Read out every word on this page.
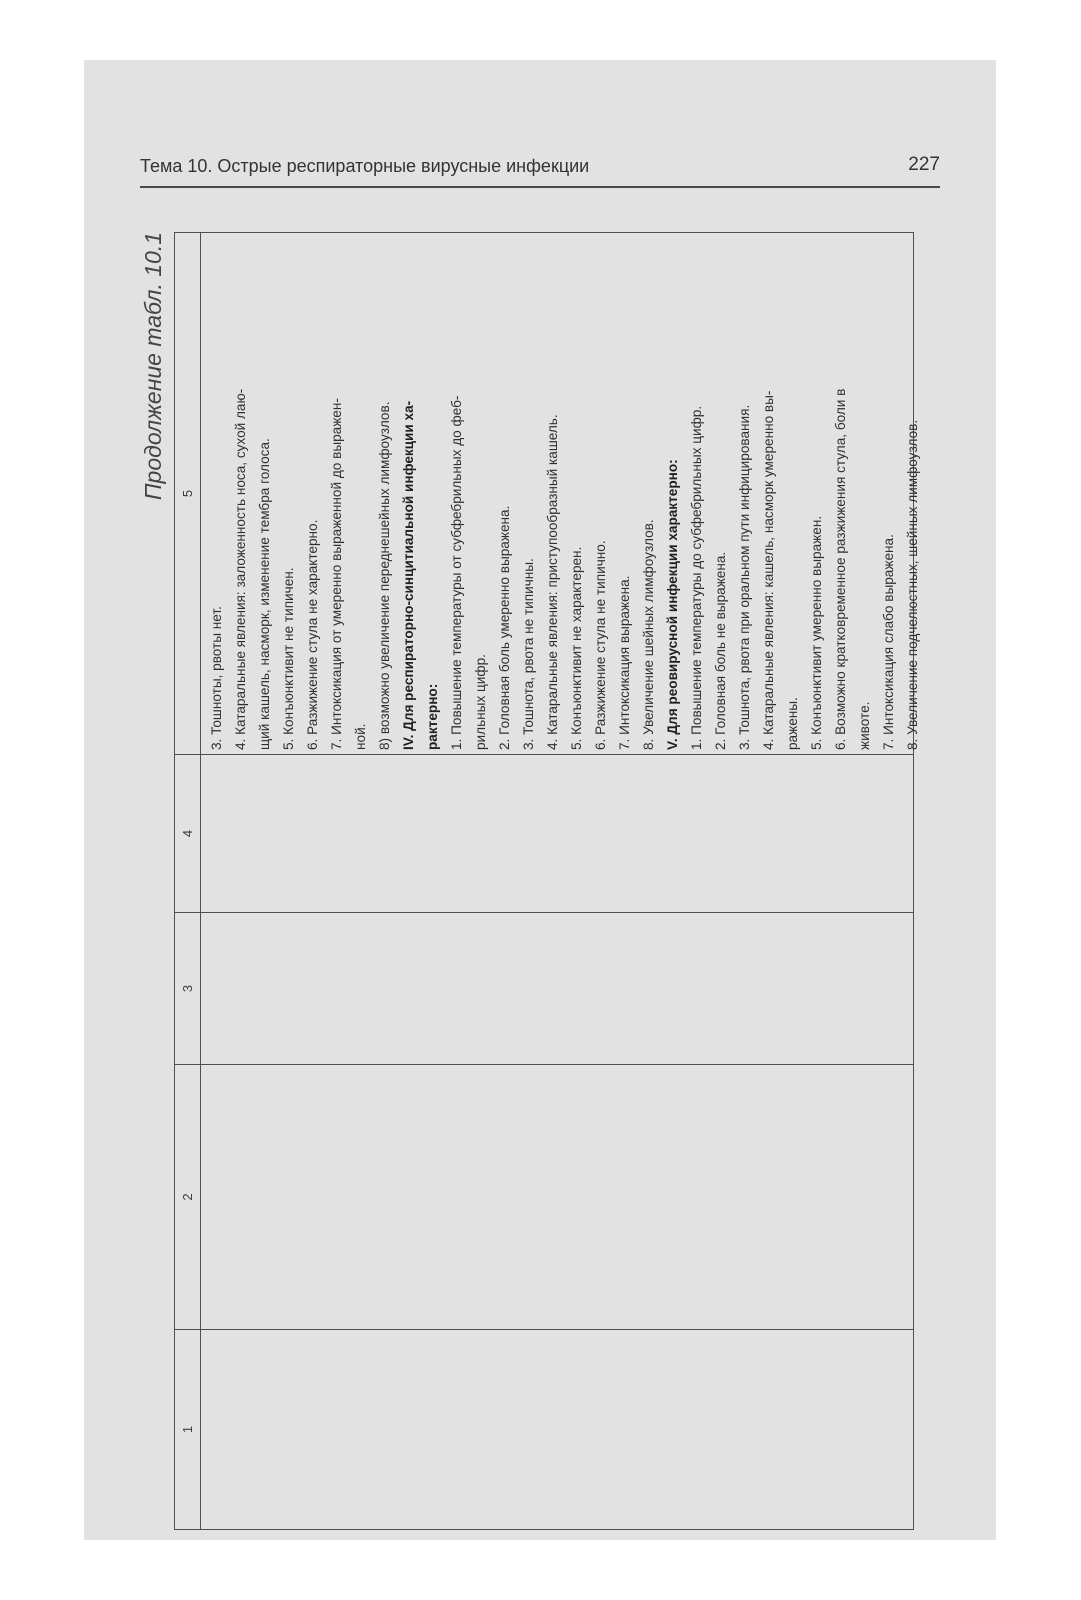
Тема 10. Острые респираторные вирусные инфекции	227
Продолжение табл. 10.1
1
2
3
4
5
3. Тошноты, рвоты нет. 4. Катаральные явления: заложенность носа, сухой лаю- щий кашель, насморк, изменение тембра голоса. 5. Конъюнктивит не типичен. 6. Разжижение стула не характерно. 7. Интоксикация от умеренно выраженной до выражен- ной. 8) возможно увеличение переднешейных лимфоузлов. IV. Для респираторно-синцитиальной инфекции ха- рактерно: 1. Повышение температуры от субфебрильных до феб- рильных цифр. 2. Головная боль умеренно выражена. 3. Тошнота, рвота не типичны. 4. Катаральные явления: приступообразный кашель. 5. Конъюнктивит не характерен. 6. Разжижение стула не типично. 7. Интоксикация выражена. 8. Увеличение шейных лимфоузлов. V. Для реовирусной инфекции характерно: 1. Повышение температуры до субфебрильных цифр. 2. Головная боль не выражена. 3. Тошнота, рвота при оральном пути инфицирования. 4. Катаральные явления: кашель, насморк умеренно вы- ражены. 5. Конъюнктивит умеренно выражен. 6. Возможно кратковременное разжижения стула, боли в животе. 7. Интоксикация слабо выражена. 8. Увеличение подчелюстных, шейных лимфоузлов.
